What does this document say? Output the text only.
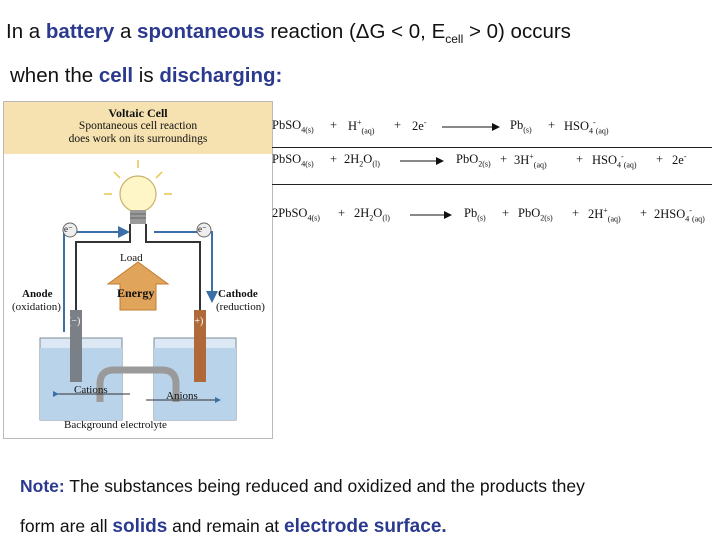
In a battery a spontaneous reaction (ΔG < 0, $E_{cell} > 0$) occurs
when the cell is discharging:
Voltaic Cell
Spontaneous cell reaction
does work on its surroundings
Load
Energy
Anode
(oxidation)
Cathode
(reduction)
e⁻	e⁻
(−)	(+)
Cations	Anions
Background electrolyte
PbSO$_{4(s)}$ + $H^+_{(aq)} + 2e^-$	$Pb_{(s)} + HSO_4^-_{(aq)}$
PbSO$_{4(s)}$ + $2H_2O_{(l)}$	$PbO_{2(s)} + 3H^+_{(aq)} + HSO_4^-_{(aq)} + 2e^-$
2PbSO$_{4(s)}$ + $2H_2O_{(l)}$	$Pb_{(s)} + PbO_{2(s)} + 2H^+_{(aq)} + 2HSO_4^-_{(aq)}$
Note: The substances being reduced and oxidized and the products they
form are all solids and remain at electrode surface.
